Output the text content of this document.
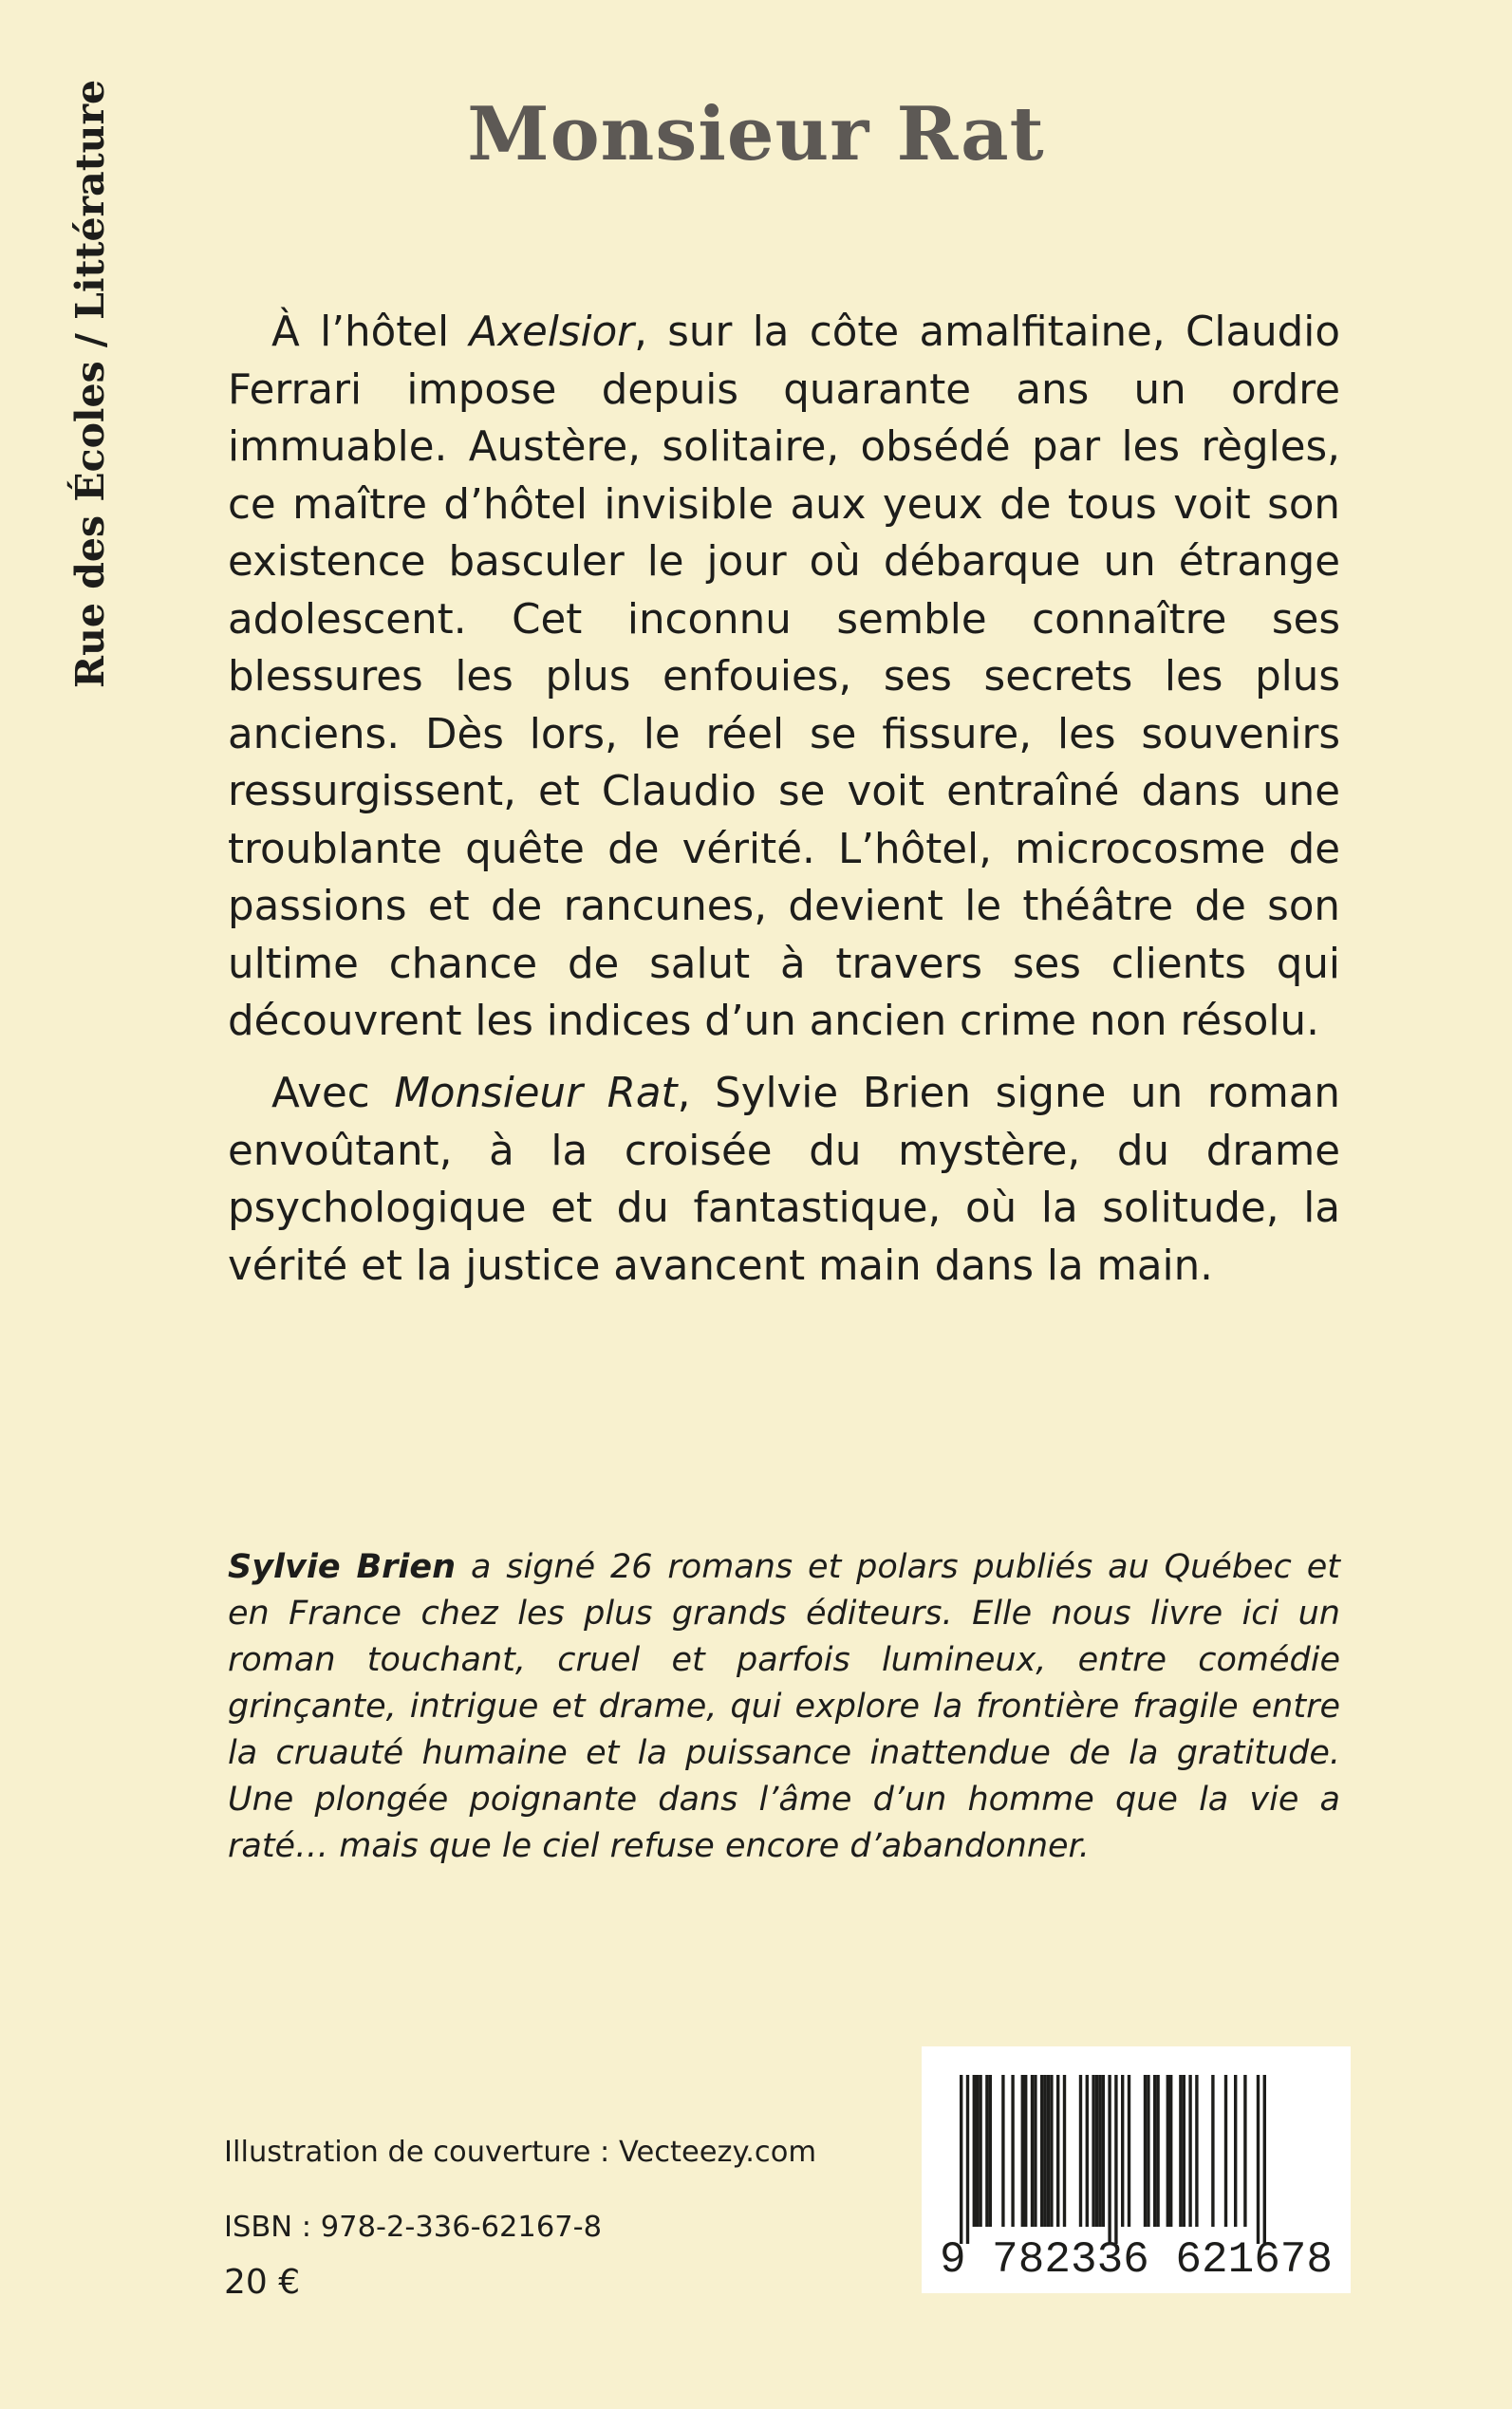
Rue des Écoles / Littérature	Monsieur Rat

À l’hôtel Axelsior, sur la côte amalfitaine, Claudio Ferrari impose depuis quarante ans un ordre immuable. Austère, solitaire, obsédé par les règles, ce maître d’hôtel invisible aux yeux de tous voit son existence basculer le jour où débarque un étrange adolescent. Cet inconnu semble connaître ses blessures les plus enfouies, ses secrets les plus anciens. Dès lors, le réel se fissure, les souvenirs ressurgissent, et Claudio se voit entraîné dans une troublante quête de vérité. L’hôtel, microcosme de passions et de rancunes, devient le théâtre de son ultime chance de salut à travers ses clients qui découvrent les indices d’un ancien crime non résolu.

Avec Monsieur Rat, Sylvie Brien signe un roman envoûtant, à la croisée du mystère, du drame psychologique et du fantastique, où la solitude, la vérité et la justice avancent main dans la main.

Sylvie Brien a signé 26 romans et polars publiés au Québec et en France chez les plus grands éditeurs. Elle nous livre ici un roman touchant, cruel et parfois lumineux, entre comédie grinçante, intrigue et drame, qui explore la frontière fragile entre la cruauté humaine et la puissance inattendue de la gratitude. Une plongée poignante dans l’âme d’un homme que la vie a raté… mais que le ciel refuse encore d’abandonner.

Illustration de couverture : Vecteezy.com
ISBN : 978-2-336-62167-8
20 €	9 782336 621678
